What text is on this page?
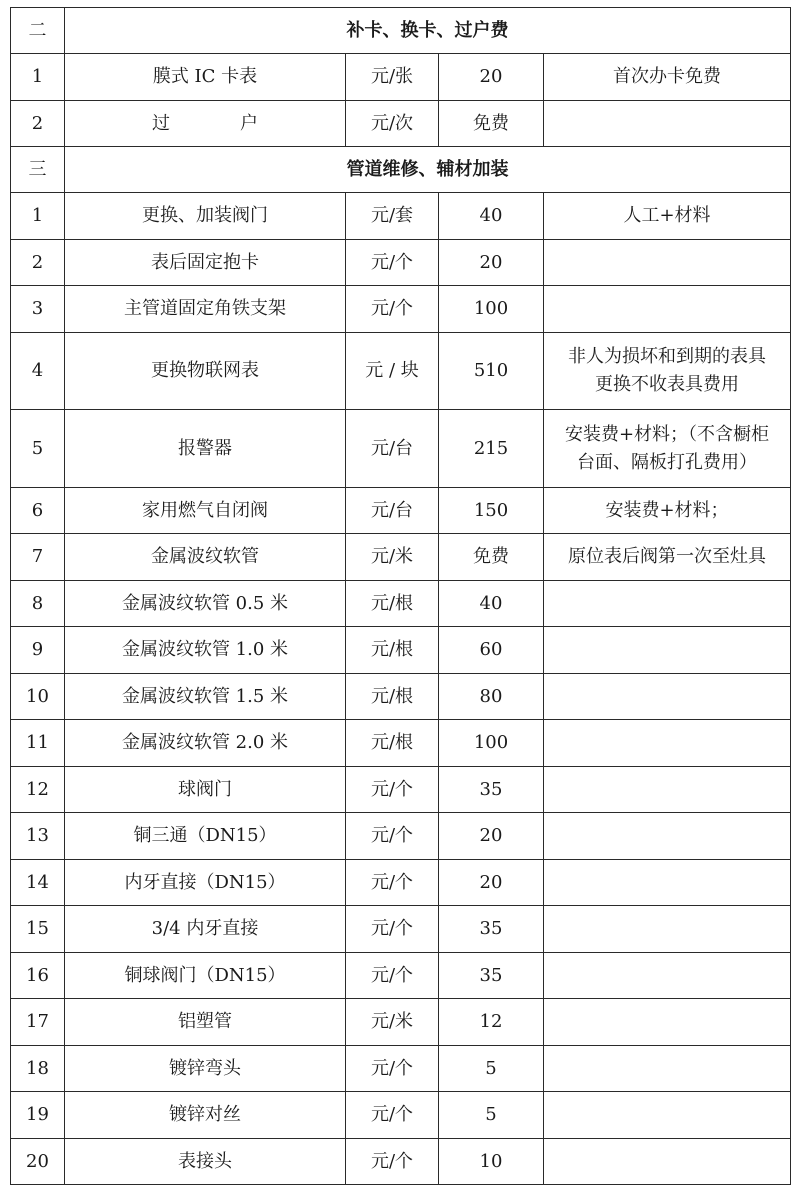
二	补卡、换卡、过户费			
1	膜式 IC 卡表	元/张	20	首次办卡免费
2	过 户	元/次	免费	
三	管道维修、辅材加装			
1	更换、加装阀门	元/套	40	人工+材料
2	表后固定抱卡	元/个	20	
3	主管道固定角铁支架	元/个	100	
4	更换物联网表	元 / 块	510	非人为损坏和到期的表具
更换不收表具费用
5	报警器	元/台	215	安装费+材料；（不含橱柜
台面、隔板打孔费用）
6	家用燃气自闭阀	元/台	150	安装费+材料；
7	金属波纹软管	元/米	免费	原位表后阀第一次至灶具
8	金属波纹软管 0.5 米	元/根	40	
9	金属波纹软管 1.0 米	元/根	60	
10	金属波纹软管 1.5 米	元/根	80	
11	金属波纹软管 2.0 米	元/根	100	
12	球阀门	元/个	35	
13	铜三通（DN15）	元/个	20	
14	内牙直接（DN15）	元/个	20	
15	3/4 内牙直接	元/个	35	
16	铜球阀门（DN15）	元/个	35	
17	铝塑管	元/米	12	
18	镀锌弯头	元/个	5	
19	镀锌对丝	元/个	5	
20	表接头	元/个	10	
